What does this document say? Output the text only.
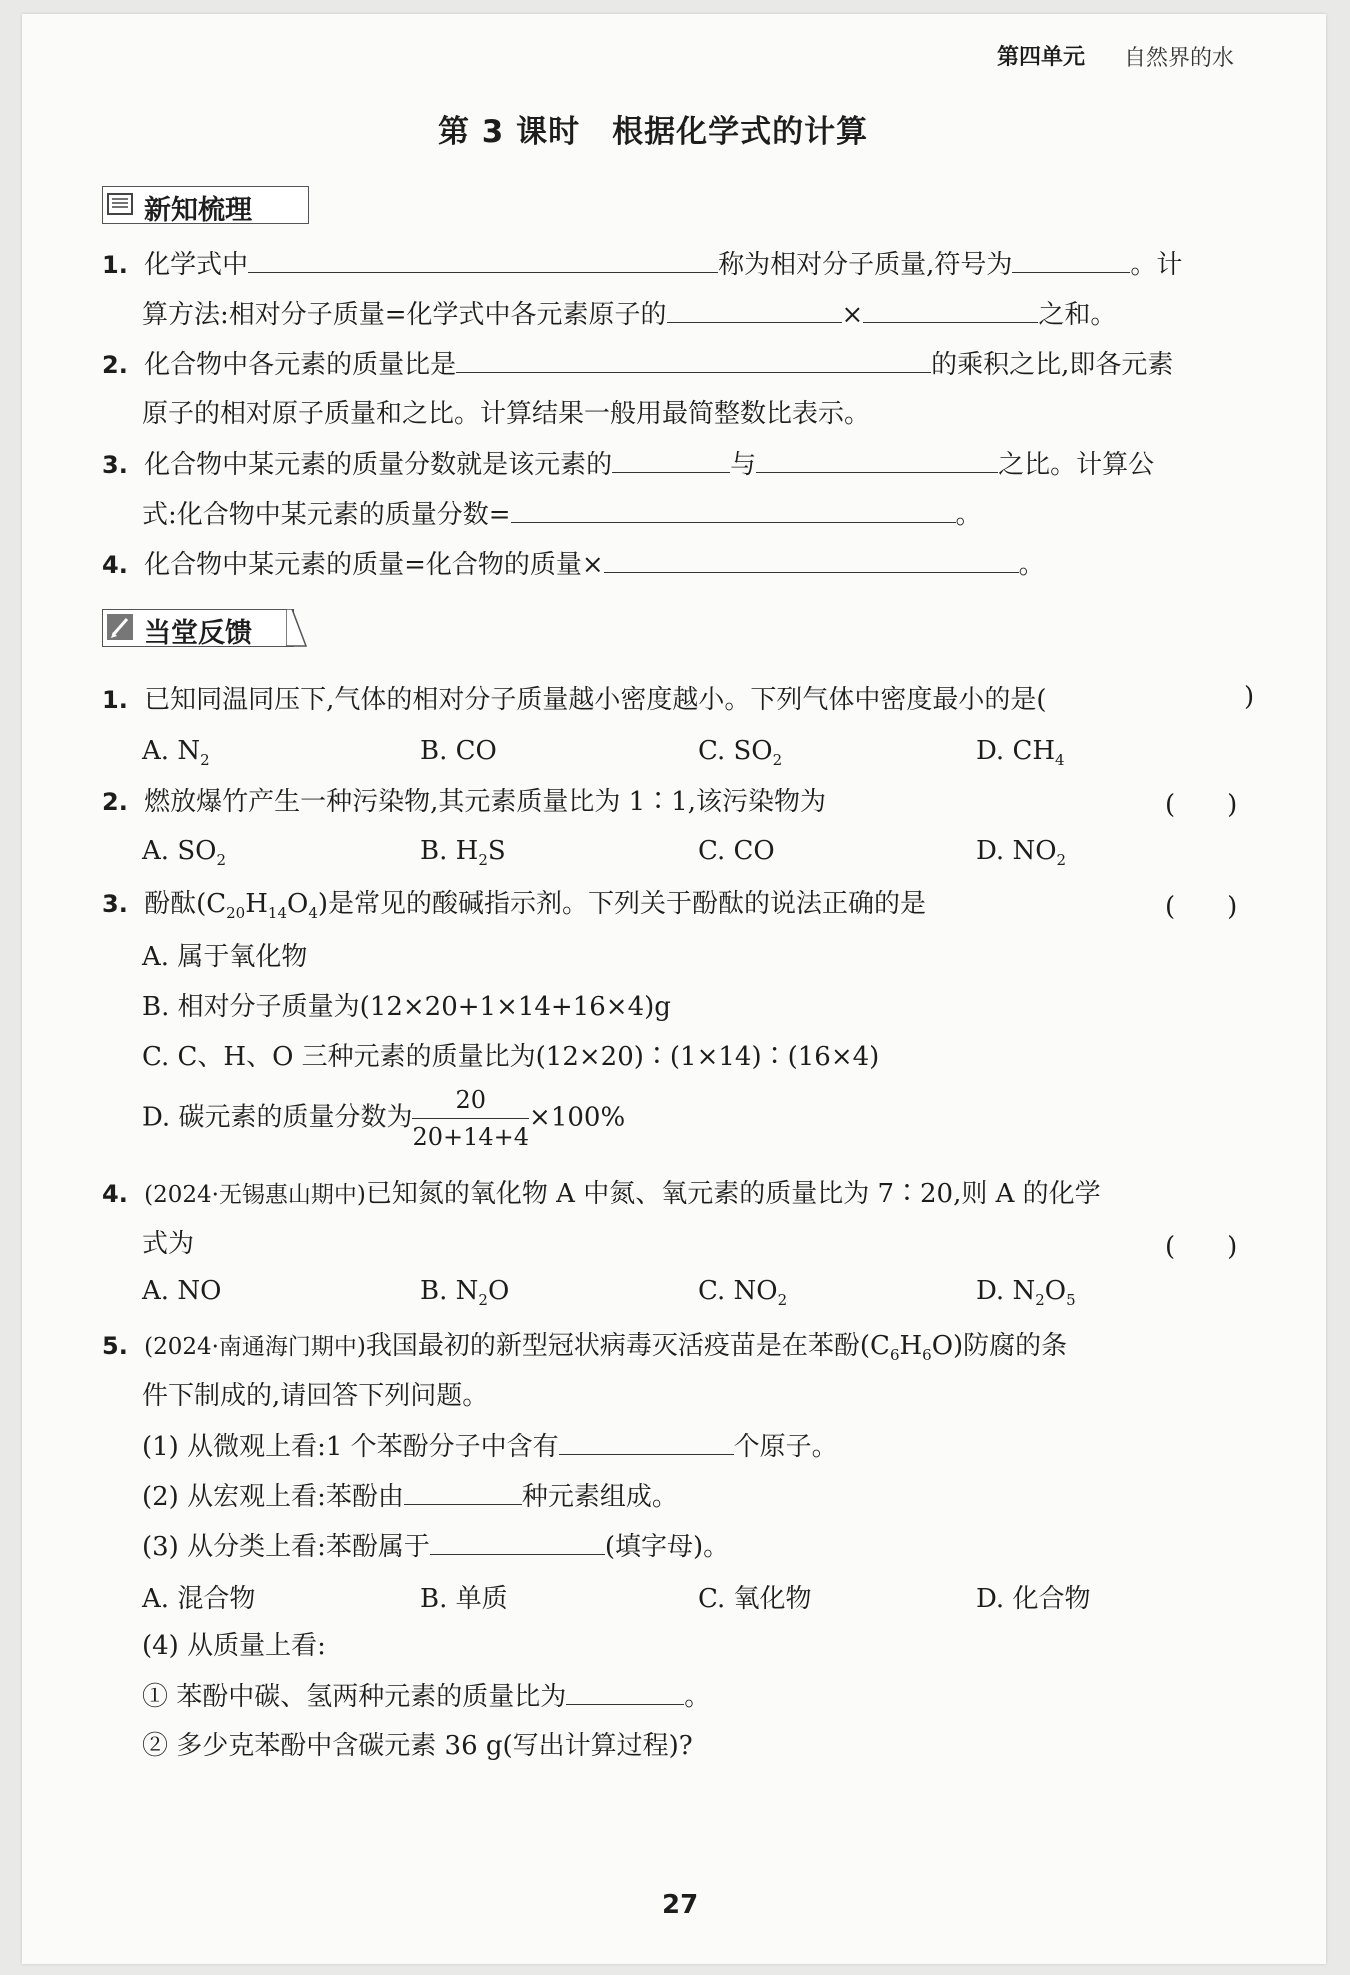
第四单元 自然界的水
第 3 课时　根据化学式的计算
新知梳理
1. 化学式中	称为相对分子质量,符号为	。计
算方法:相对分子质量=化学式中各元素原子的	×	之和。
2. 化合物中各元素的质量比是	的乘积之比,即各元素
原子的相对原子质量和之比。计算结果一般用最简整数比表示。
3. 化合物中某元素的质量分数就是该元素的	与	之比。计算公
式:化合物中某元素的质量分数=	。
4. 化合物中某元素的质量=化合物的质量×	。
当堂反馈
1. 已知同温同压下,气体的相对分子质量越小密度越小。下列气体中密度最小的是(	)
A. $N_2$	B. CO	C. $SO_2$	D. $CH_4$
2. 燃放爆竹产生一种污染物,其元素质量比为 1∶1,该污染物为	(　　)
A. $SO_2$	B. $H_2S$	C. CO	D. $NO_2$
3. 酚酞$(C_{20}H_{14}O_4)$是常见的酸碱指示剂。下列关于酚酞的说法正确的是	(　　)
A. 属于氧化物
B. 相对分子质量为(12×20+1×14+16×4)g
C. C、H、O 三种元素的质量比为(12×20)∶(1×14)∶(16×4)
D. 碳元素的质量分数为 $\frac{20}{20+14+4} \times 100\%$
4. (2024·无锡惠山期中)已知氮的氧化物 A 中氮、氧元素的质量比为 7∶20,则 A 的化学
式为	(　　)
A. NO	B. $N_2O$	C. $NO_2$	D. $N_2O_5$
5. (2024·南通海门期中)我国最初的新型冠状病毒灭活疫苗是在苯酚$(C_6H_6O)$防腐的条
件下制成的,请回答下列问题。
(1) 从微观上看:1 个苯酚分子中含有	个原子。
(2) 从宏观上看:苯酚由	种元素组成。
(3) 从分类上看:苯酚属于	(填字母)。
A. 混合物	B. 单质	C. 氧化物	D. 化合物
(4) 从质量上看:
① 苯酚中碳、氢两种元素的质量比为	。
② 多少克苯酚中含碳元素 36 g(写出计算过程)?
27
